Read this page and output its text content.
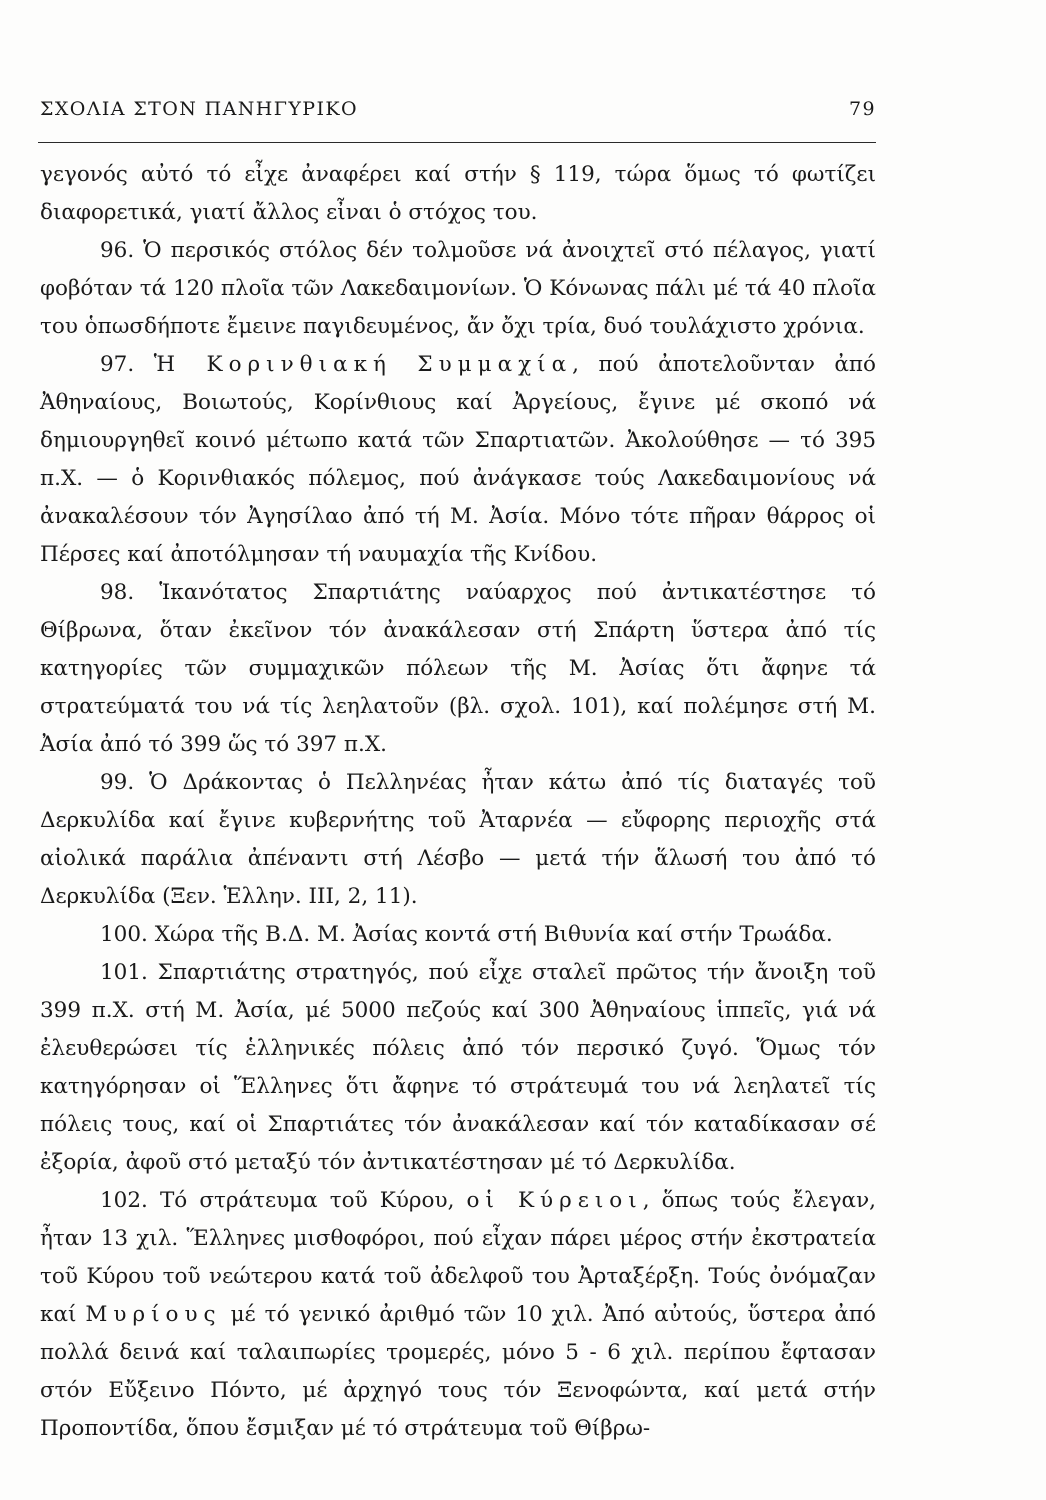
ΣΧΟΛΙΑ ΣΤΟΝ ΠΑΝΗΓΥΡΙΚΟ	79

γεγονός αὐτό τό εἶχε ἀναφέρει καί στήν § 119, τώρα ὅμως τό φωτίζει διαφορετικά, γιατί ἄλλος εἶναι ὁ στόχος του.

96. Ὁ περσικός στόλος δέν τολμοῦσε νά ἀνοιχτεῖ στό πέλαγος, γιατί φοβόταν τά 120 πλοῖα τῶν Λακεδαιμονίων. Ὁ Κόνωνας πάλι μέ τά 40 πλοῖα του ὁπωσδήποτε ἔμεινε παγιδευμένος, ἄν ὄχι τρία, δυό τουλάχιστο χρόνια.

97. Ἡ Κορινθιακή Συμμαχία, πού ἀποτελοῦνταν ἀπό Ἀθηναίους, Βοιωτούς, Κορίνθιους καί Ἀργείους, ἔγινε μέ σκοπό νά δημιουργηθεῖ κοινό μέτωπο κατά τῶν Σπαρτιατῶν. Ἀκολούθησε — τό 395 π.Χ. — ὁ Κορινθιακός πόλεμος, πού ἀνάγκασε τούς Λακεδαιμονίους νά ἀνακαλέσουν τόν Ἀγησίλαο ἀπό τή Μ. Ἀσία. Μόνο τότε πῆραν θάρρος οἱ Πέρσες καί ἀποτόλμησαν τή ναυμαχία τῆς Κνίδου.

98. Ἱκανότατος Σπαρτιάτης ναύαρχος πού ἀντικατέστησε τό Θίβρωνα, ὅταν ἐκεῖνον τόν ἀνακάλεσαν στή Σπάρτη ὕστερα ἀπό τίς κατηγορίες τῶν συμμαχικῶν πόλεων τῆς Μ. Ἀσίας ὅτι ἄφηνε τά στρατεύματά του νά τίς λεηλατοῦν (βλ. σχολ. 101), καί πολέμησε στή Μ. Ἀσία ἀπό τό 399 ὥς τό 397 π.Χ.

99. Ὁ Δράκοντας ὁ Πελληνέας ἦταν κάτω ἀπό τίς διαταγές τοῦ Δερκυλίδα καί ἔγινε κυβερνήτης τοῦ Ἀταρνέα — εὔφορης περιοχῆς στά αἰολικά παράλια ἀπέναντι στή Λέσβο — μετά τήν ἅλωσή του ἀπό τό Δερκυλίδα (Ξεν. Ἑλλην. III, 2, 11).

100. Χώρα τῆς Β.Δ. Μ. Ἀσίας κοντά στή Βιθυνία καί στήν Τρωάδα.

101. Σπαρτιάτης στρατηγός, πού εἶχε σταλεῖ πρῶτος τήν ἄνοιξη τοῦ 399 π.Χ. στή Μ. Ἀσία, μέ 5000 πεζούς καί 300 Ἀθηναίους ἱππεῖς, γιά νά ἐλευθερώσει τίς ἑλληνικές πόλεις ἀπό τόν περσικό ζυγό. Ὅμως τόν κατηγόρησαν οἱ Ἕλληνες ὅτι ἄφηνε τό στράτευμά του νά λεηλατεῖ τίς πόλεις τους, καί οἱ Σπαρτιάτες τόν ἀνακάλεσαν καί τόν καταδίκασαν σέ ἐξορία, ἀφοῦ στό μεταξύ τόν ἀντικατέστησαν μέ τό Δερκυλίδα.

102. Τό στράτευμα τοῦ Κύρου, οἱ Κύρειοι, ὅπως τούς ἔλεγαν, ἦταν 13 χιλ. Ἕλληνες μισθοφόροι, πού εἶχαν πάρει μέρος στήν ἐκστρατεία τοῦ Κύρου τοῦ νεώτερου κατά τοῦ ἀδελφοῦ του Ἀρταξέρξη. Τούς ὀνόμαζαν καί Μυρίους μέ τό γενικό ἀριθμό τῶν 10 χιλ. Ἀπό αὐτούς, ὕστερα ἀπό πολλά δεινά καί ταλαιπωρίες τρομερές, μόνο 5 - 6 χιλ. περίπου ἔφτασαν στόν Εὔξεινο Πόντο, μέ ἀρχηγό τους τόν Ξενοφώντα, καί μετά στήν Προποντίδα, ὅπου ἔσμιξαν μέ τό στράτευμα τοῦ Θίβρω-
